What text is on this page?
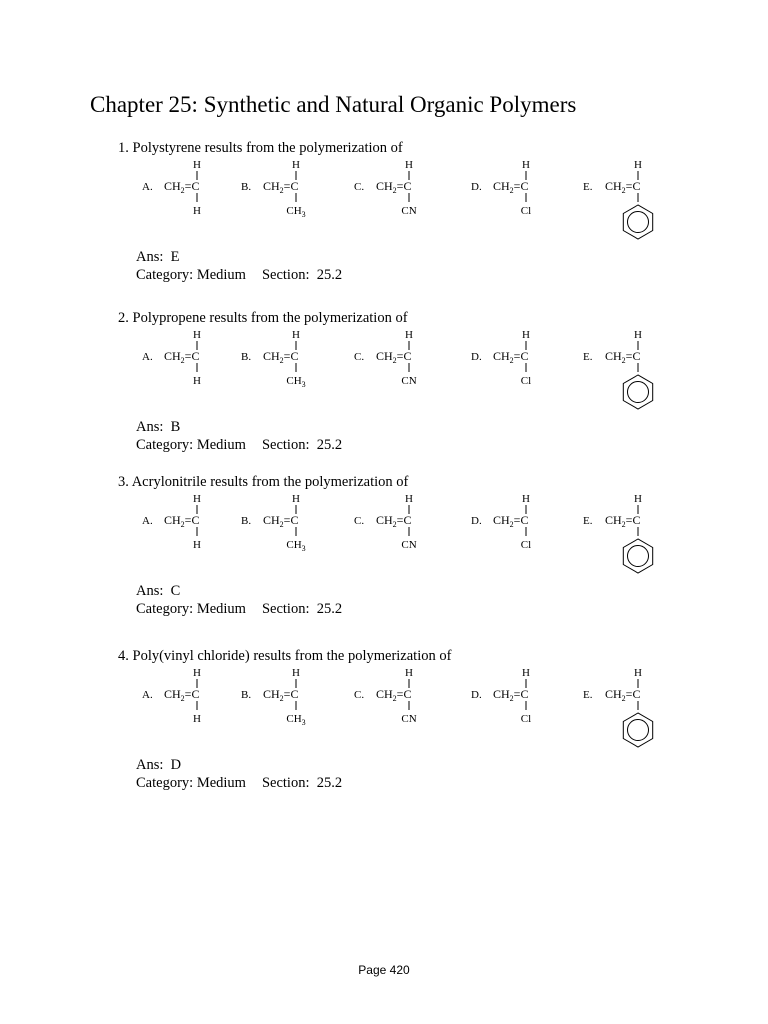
Chapter 25: Synthetic and Natural Organic Polymers

1. Polystyrene results from the polymerization of

A. $CH_2=C$
H
H
B. $CH_2=C$
H
$CH_3$
C. $CH_2=C$
H
CN
D. $CH_2=C$
H
Cl
E. $CH_2=C$
H

Ans: E

Category: Medium Section: 25.2

2. Polypropene results from the polymerization of

A. $CH_2=C$
H
H
B. $CH_2=C$
H
$CH_3$
C. $CH_2=C$
H
CN
D. $CH_2=C$
H
Cl
E. $CH_2=C$
H

Ans: B

Category: Medium Section: 25.2

3. Acrylonitrile results from the polymerization of

A. $CH_2=C$
H
H
B. $CH_2=C$
H
$CH_3$
C. $CH_2=C$
H
CN
D. $CH_2=C$
H
Cl
E. $CH_2=C$
H

Ans: C

Category: Medium Section: 25.2

4. Poly(vinyl chloride) results from the polymerization of

A. $CH_2=C$
H
H
B. $CH_2=C$
H
$CH_3$
C. $CH_2=C$
H
CN
D. $CH_2=C$
H
Cl
E. $CH_2=C$
H

Ans: D

Category: Medium Section: 25.2

Page 420
